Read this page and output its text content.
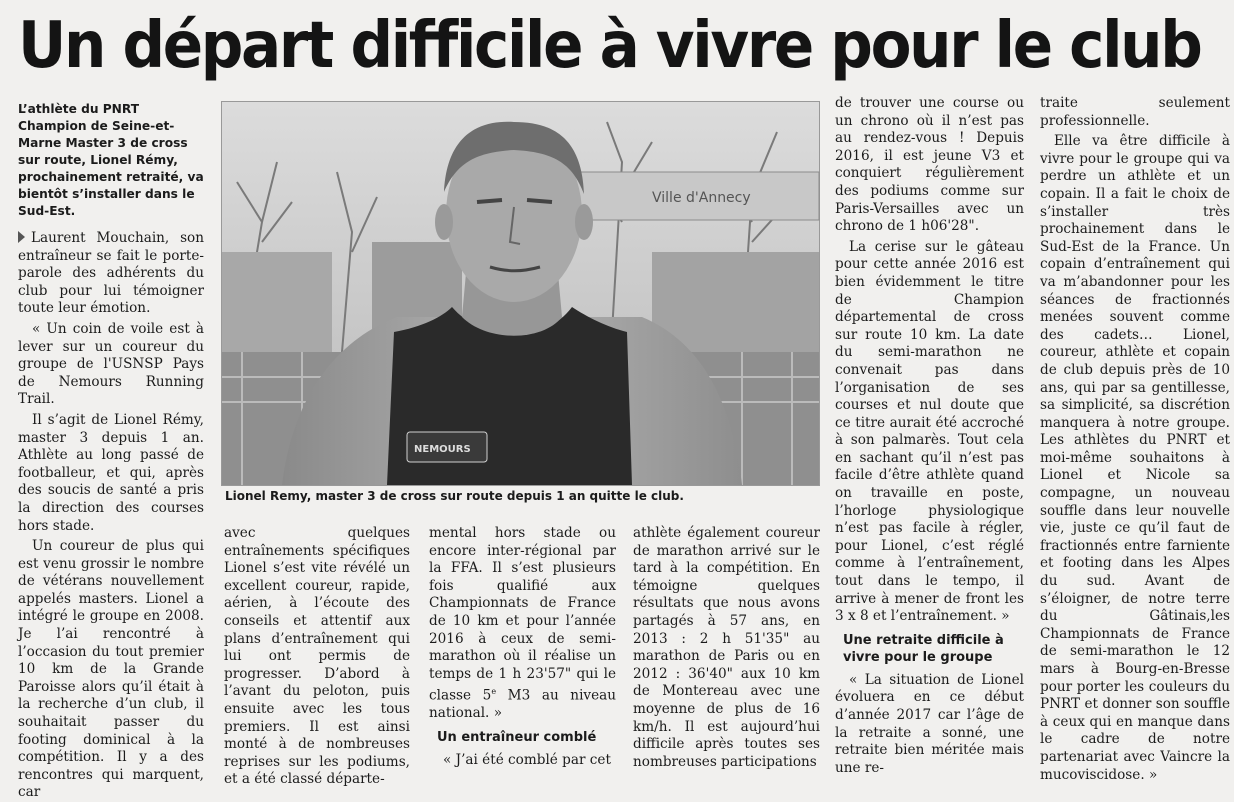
Un départ difficile à vivre pour le club

L’athlète du PNRT Champion de Seine-et-Marne Master 3 de cross sur route, Lionel Rémy, prochainement retraité, va bientôt s’installer dans le Sud-Est.

Laurent Mouchain, son entraîneur se fait le porte-parole des adhérents du club pour lui témoigner toute leur émotion.

« Un coin de voile est à lever sur un coureur du groupe de l'USNSP Pays de Nemours Running Trail.

Il s’agit de Lionel Rémy, master 3 depuis 1 an. Athlète au long passé de footballeur, et qui, après des soucis de santé a pris la direction des courses hors stade.

Un coureur de plus qui est venu grossir le nombre de vétérans nouvellement appelés masters. Lionel a intégré le groupe en 2008. Je l’ai rencontré à l’occasion du tout premier 10 km de la Grande Paroisse alors qu’il était à la recherche d’un club, il souhaitait passer du footing dominical à la compétition. Il y a des rencontres qui marquent, car

Ville d'Annecy
NEMOURS
Lionel Remy, master 3 de cross sur route depuis 1 an quitte le club.

avec quelques entraînements spécifiques Lionel s’est vite révélé un excellent coureur, rapide, aérien, à l’écoute des conseils et attentif aux plans d’entraînement qui lui ont permis de progresser. D’abord à l’avant du peloton, puis ensuite avec les tous premiers. Il est ainsi monté à de nombreuses reprises sur les podiums, et a été classé départe-

mental hors stade ou encore inter-régional par la FFA. Il s’est plusieurs fois qualifié aux Championnats de France de 10 km et pour l’année 2016 à ceux de semi-marathon où il réalise un temps de 1 h 23'57" qui le classe 5e M3 au niveau national. »

Un entraîneur comblé

« J’ai été comblé par cet

athlète également coureur de marathon arrivé sur le tard à la compétition. En témoigne quelques résultats que nous avons partagés à 57 ans, en 2013 : 2 h 51'35" au marathon de Paris ou en 2012 : 36'40" aux 10 km de Montereau avec une moyenne de plus de 16 km/h. Il est aujourd’hui difficile après toutes ses nombreuses participations

de trouver une course ou un chrono où il n’est pas au rendez-vous ! Depuis 2016, il est jeune V3 et conquiert régulièrement des podiums comme sur Paris-Versailles avec un chrono de 1 h06'28".

La cerise sur le gâteau pour cette année 2016 est bien évidemment le titre de Champion départemental de cross sur route 10 km. La date du semi-marathon ne convenait pas dans l’organisation de ses courses et nul doute que ce titre aurait été accroché à son palmarès. Tout cela en sachant qu’il n’est pas facile d’être athlète quand on travaille en poste, l’horloge physiologique n’est pas facile à régler, pour Lionel, c’est réglé comme à l’entraînement, tout dans le tempo, il arrive à mener de front les 3 x 8 et l’entraînement. »

Une retraite difficile à vivre pour le groupe

« La situation de Lionel évoluera en ce début d’année 2017 car l’âge de la retraite a sonné, une retraite bien méritée mais une re-

traite seulement professionnelle.

Elle va être difficile à vivre pour le groupe qui va perdre un athlète et un copain. Il a fait le choix de s’installer très prochainement dans le Sud-Est de la France. Un copain d’entraînement qui va m’abandonner pour les séances de fractionnés menées souvent comme des cadets… Lionel, coureur, athlète et copain de club depuis près de 10 ans, qui par sa gentillesse, sa simplicité, sa discrétion manquera à notre groupe. Les athlètes du PNRT et moi-même souhaitons à Lionel et Nicole sa compagne, un nouveau souffle dans leur nouvelle vie, juste ce qu’il faut de fractionnés entre farniente et footing dans les Alpes du sud. Avant de s’éloigner, de notre terre du Gâtinais,les Championnats de France de semi-marathon le 12 mars à Bourg-en-Bresse pour porter les couleurs du PNRT et donner son souffle à ceux qui en manque dans le cadre de notre partenariat avec Vaincre la mucoviscidose. »
